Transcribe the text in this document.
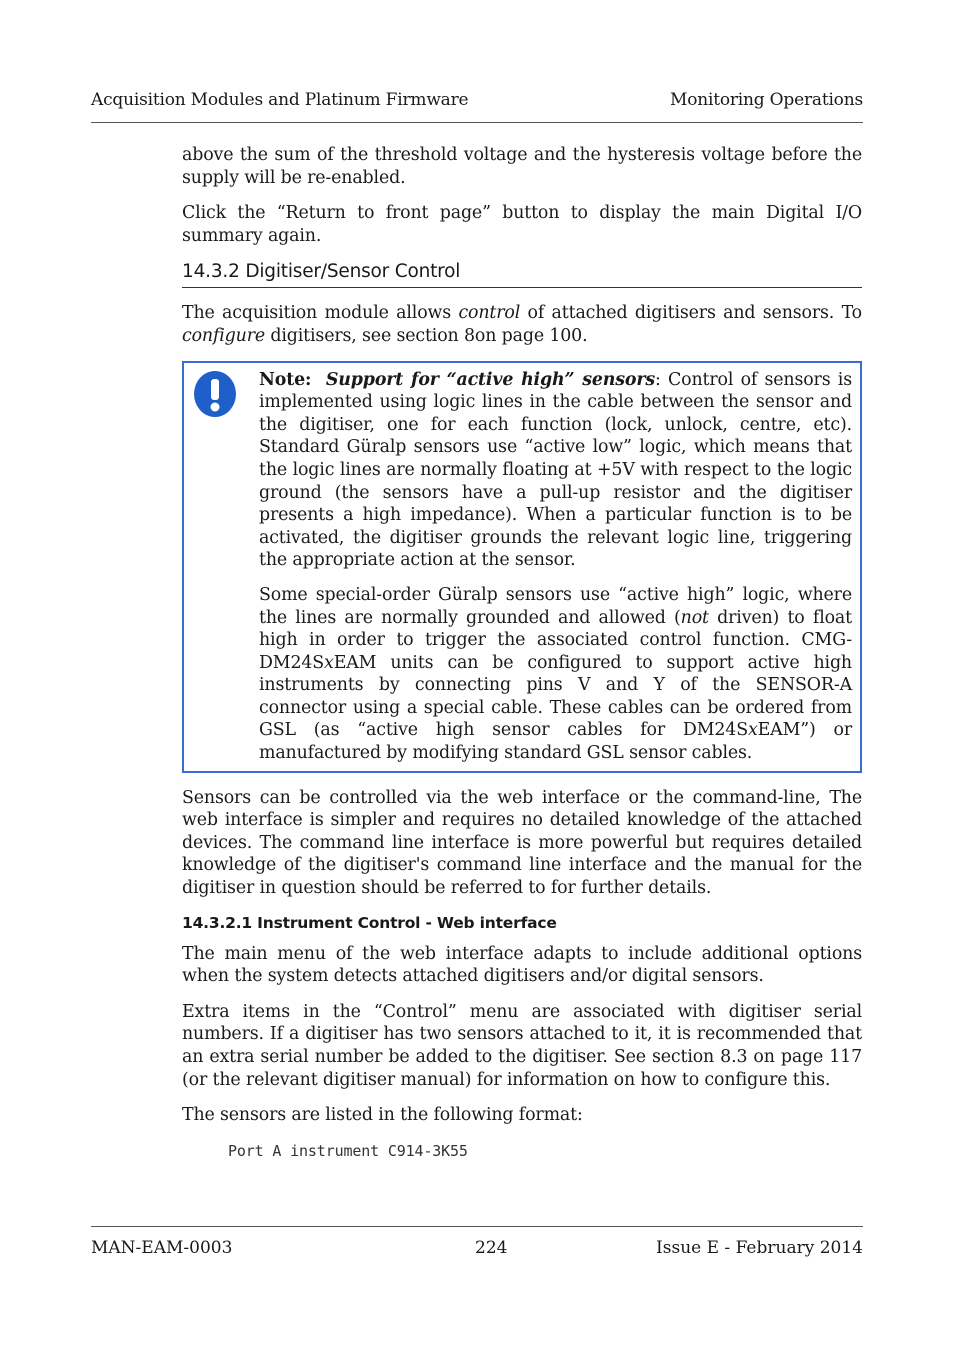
Acquisition Modules and Platinum Firmware	Monitoring Operations

above the sum of the threshold voltage and the hysteresis voltage before the supply will be re-enabled.

Click the “Return to front page” button to display the main Digital I/O summary again.

14.3.2 Digitiser/Sensor Control

The acquisition module allows control of attached digitisers and sensors. To configure digitisers, see section 8on page 100.

Note: Support for “active high” sensors: Control of sensors is implemented using logic lines in the cable between the sensor and the digitiser, one for each function (lock, unlock, centre, etc). Standard Güralp sensors use “active low” logic, which means that the logic lines are normally floating at +5V with respect to the logic ground (the sensors have a pull-up resistor and the digitiser presents a high impedance). When a particular function is to be activated, the digitiser grounds the relevant logic line, triggering the appropriate action at the sensor.

Some special-order Güralp sensors use “active high” logic, where the lines are normally grounded and allowed (not driven) to float high in order to trigger the associated control function. CMG-DM24SxEAM units can be configured to support active high instruments by connecting pins V and Y of the SENSOR-A connector using a special cable. These cables can be ordered from GSL (as “active high sensor cables for DM24SxEAM”) or manufactured by modifying standard GSL sensor cables.

Sensors can be controlled via the web interface or the command-line, The web interface is simpler and requires no detailed knowledge of the attached devices. The command line interface is more powerful but requires detailed knowledge of the digitiser's command line interface and the manual for the digitiser in question should be referred to for further details.

14.3.2.1 Instrument Control - Web interface

The main menu of the web interface adapts to include additional options when the system detects attached digitisers and/or digital sensors.

Extra items in the “Control” menu are associated with digitiser serial numbers. If a digitiser has two sensors attached to it, it is recommended that an extra serial number be added to the digitiser. See section 8.3 on page 117 (or the relevant digitiser manual) for information on how to configure this.

The sensors are listed in the following format:

Port A instrument C914-3K55
MAN-EAM-0003	224	Issue E - February 2014
